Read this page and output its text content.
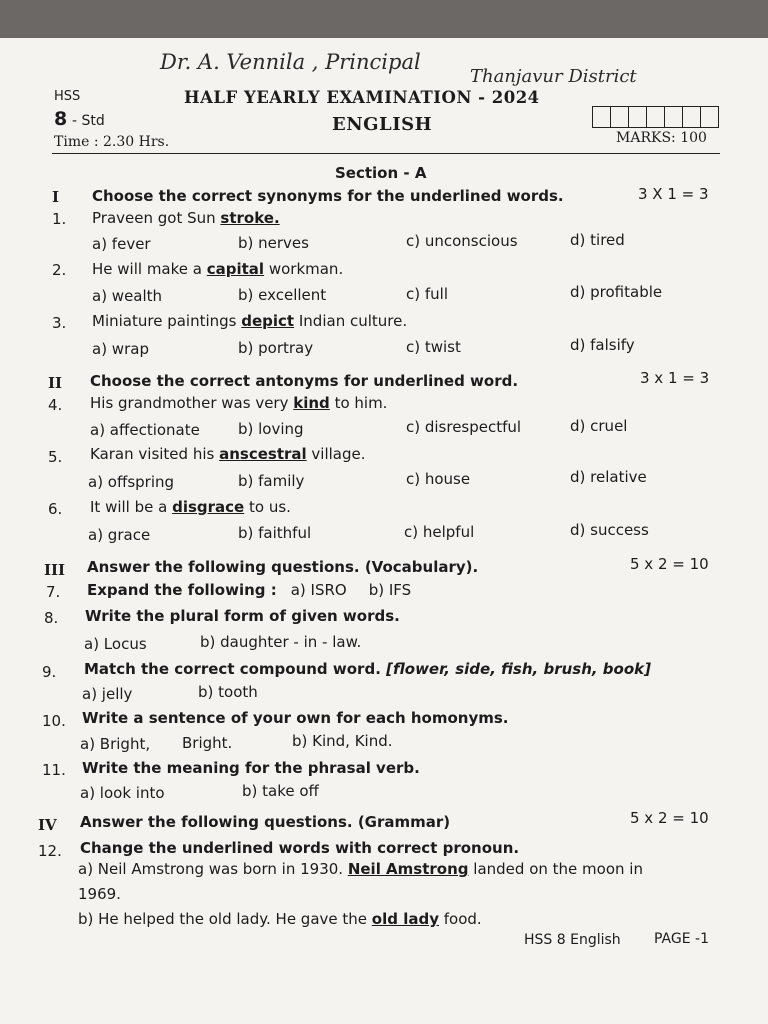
Dr. A. Vennila , Principal
Thanjavur District
HSS
8 - Std
Time : 2.30 Hrs.
HALF YEARLY EXAMINATION - 2024
ENGLISH
MARKS: 100
Section - A
I Choose the correct synonyms for the underlined words.	3 X 1 = 3
1. Praveen got Sun stroke.
a) fever	b) nerves	c) unconscious	d) tired
2. He will make a capital workman.
a) wealth	b) excellent	c) full	d) profitable
3. Miniature paintings depict Indian culture.
a) wrap	b) portray	c) twist	d) falsify
II Choose the correct antonyms for underlined word.	3 x 1 = 3
4. His grandmother was very kind to him.
a) affectionate	b) loving	c) disrespectful	d) cruel
5. Karan visited his anscestral village.
a) offspring	b) family	c) house	d) relative
6. It will be a disgrace to us.
a) grace	b) faithful	c) helpful	d) success
III Answer the following questions. (Vocabulary).	5 x 2 = 10
7. Expand the following : a) ISRO b) IFS
8. Write the plural form of given words.
a) Locus	b) daughter - in - law.
9. Match the correct compound word. [flower, side, fish, brush, book]
a) jelly	b) tooth
10. Write a sentence of your own for each homonyms.
a) Bright, Bright.	b) Kind, Kind.
11. Write the meaning for the phrasal verb.
a) look into	b) take off
IV Answer the following questions. (Grammar)	5 x 2 = 10
12. Change the underlined words with correct pronoun.
a) Neil Amstrong was born in 1930. Neil Amstrong landed on the moon in
1969.
b) He helped the old lady. He gave the old lady food.
HSS 8 English PAGE -1
